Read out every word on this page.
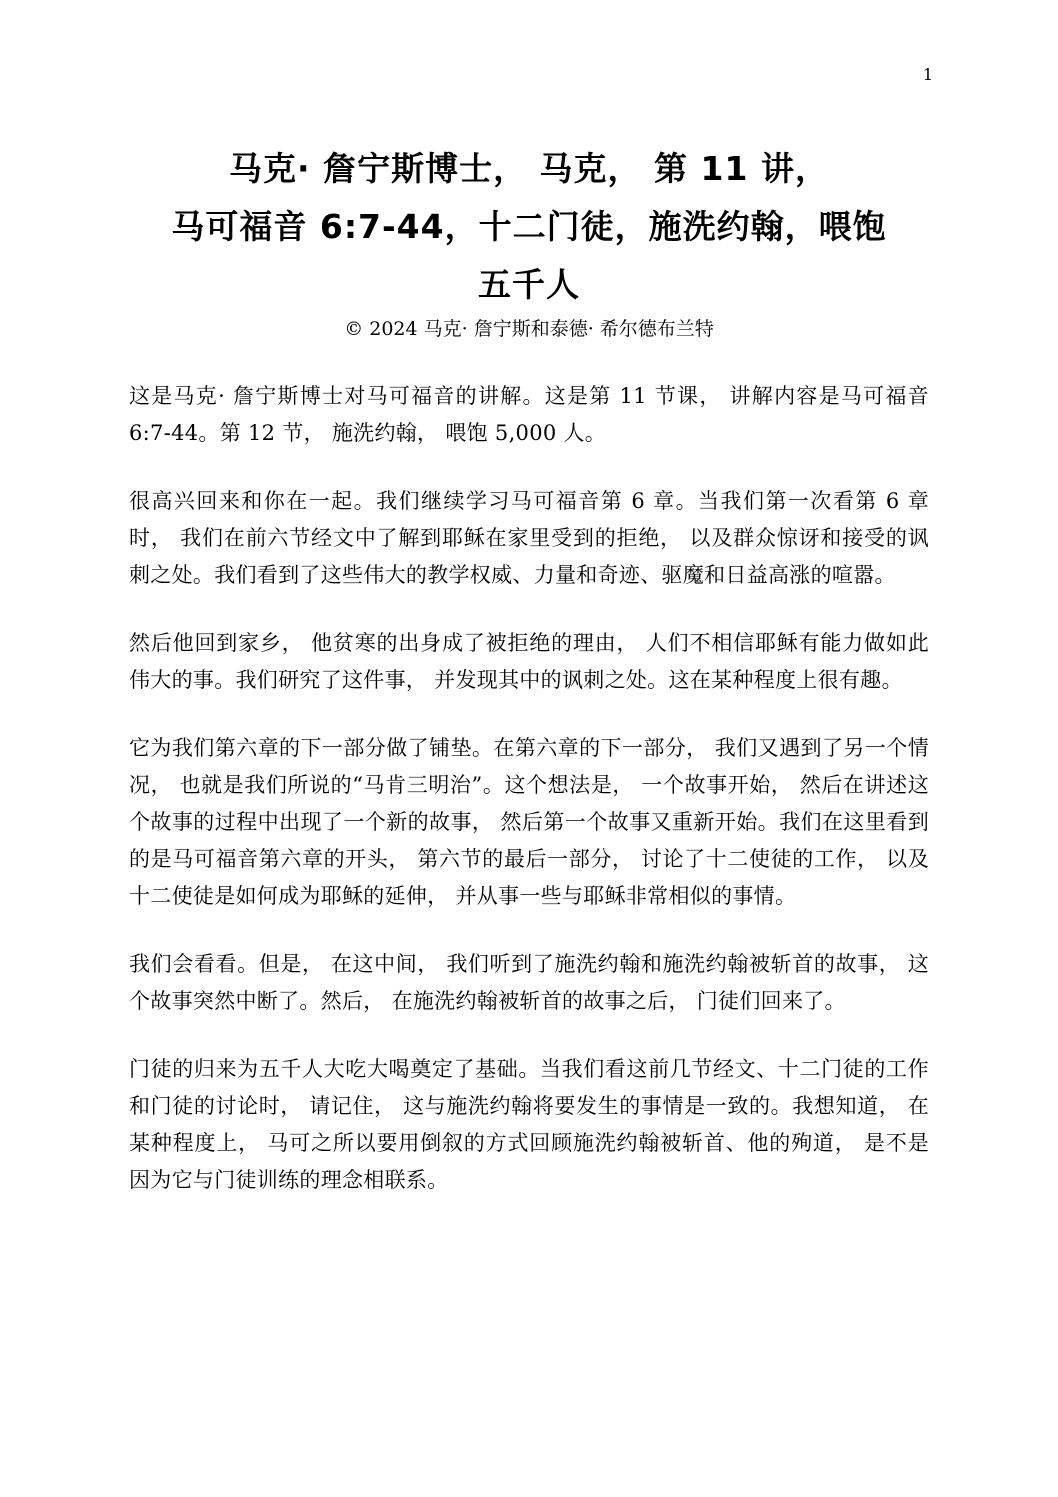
1
马克· 詹宁斯博士， 马克， 第 11 讲，
马可福音 6:7-44，十二门徒，施洗约翰，喂饱
五千人
© 2024 马克· 詹宁斯和泰德· 希尔德布兰特

这是马克· 詹宁斯博士对马可福音的讲解。这是第 11 节课， 讲解内容是马可福音 6:7-44。第 12 节， 施洗约翰， 喂饱 5,000 人。

很高兴回来和你在一起。我们继续学习马可福音第 6 章。当我们第一次看第 6 章时， 我们在前六节经文中了解到耶稣在家里受到的拒绝， 以及群众惊讶和接受的讽刺之处。我们看到了这些伟大的教学权威、力量和奇迹、驱魔和日益高涨的喧嚣。

然后他回到家乡， 他贫寒的出身成了被拒绝的理由， 人们不相信耶稣有能力做如此伟大的事。我们研究了这件事， 并发现其中的讽刺之处。这在某种程度上很有趣。

它为我们第六章的下一部分做了铺垫。在第六章的下一部分， 我们又遇到了另一个情况， 也就是我们所说的“马肯三明治”。这个想法是， 一个故事开始， 然后在讲述这个故事的过程中出现了一个新的故事， 然后第一个故事又重新开始。我们在这里看到的是马可福音第六章的开头， 第六节的最后一部分， 讨论了十二使徒的工作， 以及十二使徒是如何成为耶稣的延伸， 并从事一些与耶稣非常相似的事情。

我们会看看。但是， 在这中间， 我们听到了施洗约翰和施洗约翰被斩首的故事， 这个故事突然中断了。然后， 在施洗约翰被斩首的故事之后， 门徒们回来了。

门徒的归来为五千人大吃大喝奠定了基础。当我们看这前几节经文、十二门徒的工作和门徒的讨论时， 请记住， 这与施洗约翰将要发生的事情是一致的。我想知道， 在某种程度上， 马可之所以要用倒叙的方式回顾施洗约翰被斩首、他的殉道， 是不是因为它与门徒训练的理念相联系。
